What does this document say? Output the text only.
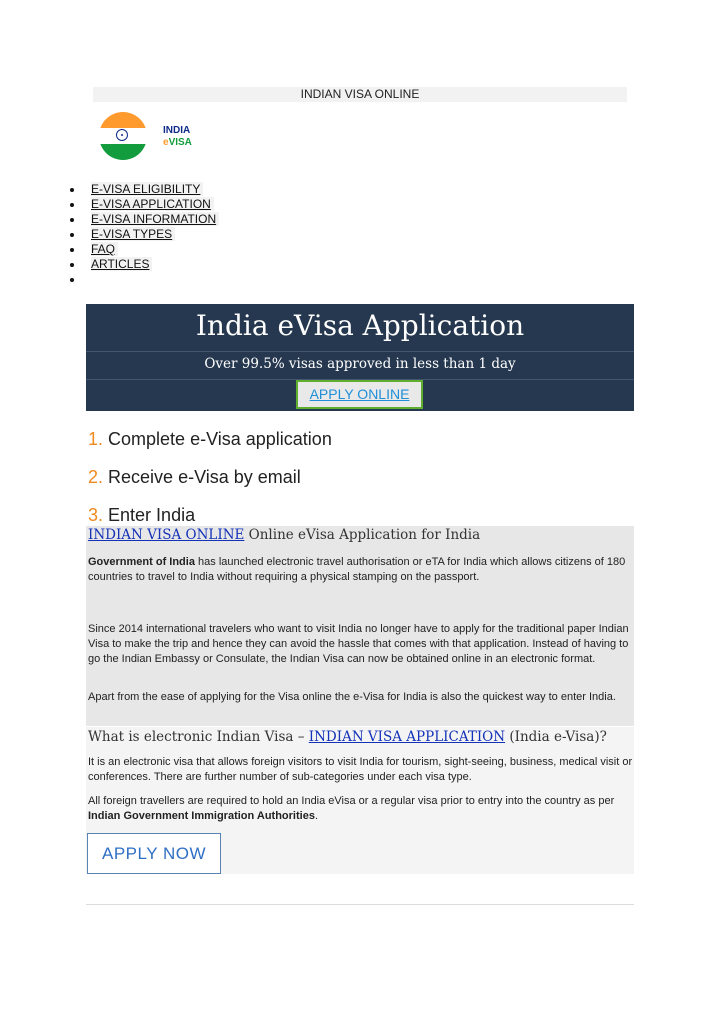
INDIAN VISA ONLINE
INDIA
eVISA
E-VISA ELIGIBILITY
E-VISA APPLICATION
E-VISA INFORMATION
E-VISA TYPES
FAQ
ARTICLES
India eVisa Application
Over 99.5% visas approved in less than 1 day
APPLY ONLINE
1. Complete e-Visa application
2. Receive e-Visa by email
3. Enter India
INDIAN VISA ONLINE Online eVisa Application for India
Government of India has launched electronic travel authorisation or eTA for India which allows citizens of 180 countries to travel to India without requiring a physical stamping on the passport.
Since 2014 international travelers who want to visit India no longer have to apply for the traditional paper Indian Visa to make the trip and hence they can avoid the hassle that comes with that application. Instead of having to go the Indian Embassy or Consulate, the Indian Visa can now be obtained online in an electronic format.
Apart from the ease of applying for the Visa online the e-Visa for India is also the quickest way to enter India.
What is electronic Indian Visa – INDIAN VISA APPLICATION (India e-Visa)?
It is an electronic visa that allows foreign visitors to visit India for tourism, sight-seeing, business, medical visit or conferences. There are further number of sub-categories under each visa type.
All foreign travellers are required to hold an India eVisa or a regular visa prior to entry into the country as per Indian Government Immigration Authorities.
APPLY NOW
